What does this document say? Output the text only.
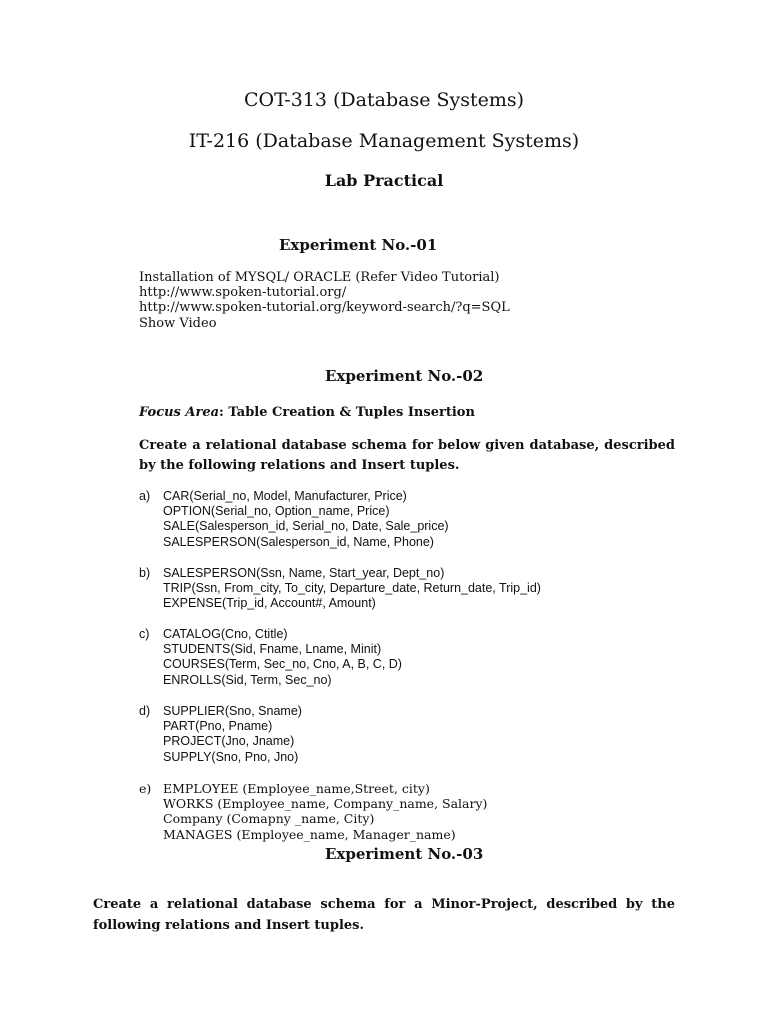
COT-313 (Database Systems)
IT-216 (Database Management Systems)
Lab Practical
Experiment No.-01
Installation of MYSQL/ ORACLE (Refer Video Tutorial)
http://www.spoken-tutorial.org/
http://www.spoken-tutorial.org/keyword-search/?q=SQL
Show Video
Experiment No.-02
Focus Area: Table Creation & Tuples Insertion
Create a relational database schema for below given database, described by the following relations and Insert tuples.
a)	CAR(Serial_no, Model, Manufacturer, Price)
OPTION(Serial_no, Option_name, Price)
SALE(Salesperson_id, Serial_no, Date, Sale_price)
SALESPERSON(Salesperson_id, Name, Phone)
b)	SALESPERSON(Ssn, Name, Start_year, Dept_no)
TRIP(Ssn, From_city, To_city, Departure_date, Return_date, Trip_id)
EXPENSE(Trip_id, Account#, Amount)
c)	CATALOG(Cno, Ctitle)
STUDENTS(Sid, Fname, Lname, Minit)
COURSES(Term, Sec_no, Cno, A, B, C, D)
ENROLLS(Sid, Term, Sec_no)
d)	SUPPLIER(Sno, Sname)
PART(Pno, Pname)
PROJECT(Jno, Jname)
SUPPLY(Sno, Pno, Jno)
e) EMPLOYEE (Employee_name,Street, city)
WORKS (Employee_name, Company_name, Salary)
Company (Comapny _name, City)
MANAGES (Employee_name, Manager_name)
Experiment No.-03
Create a relational database schema for a Minor-Project, described by the following relations and Insert tuples.
